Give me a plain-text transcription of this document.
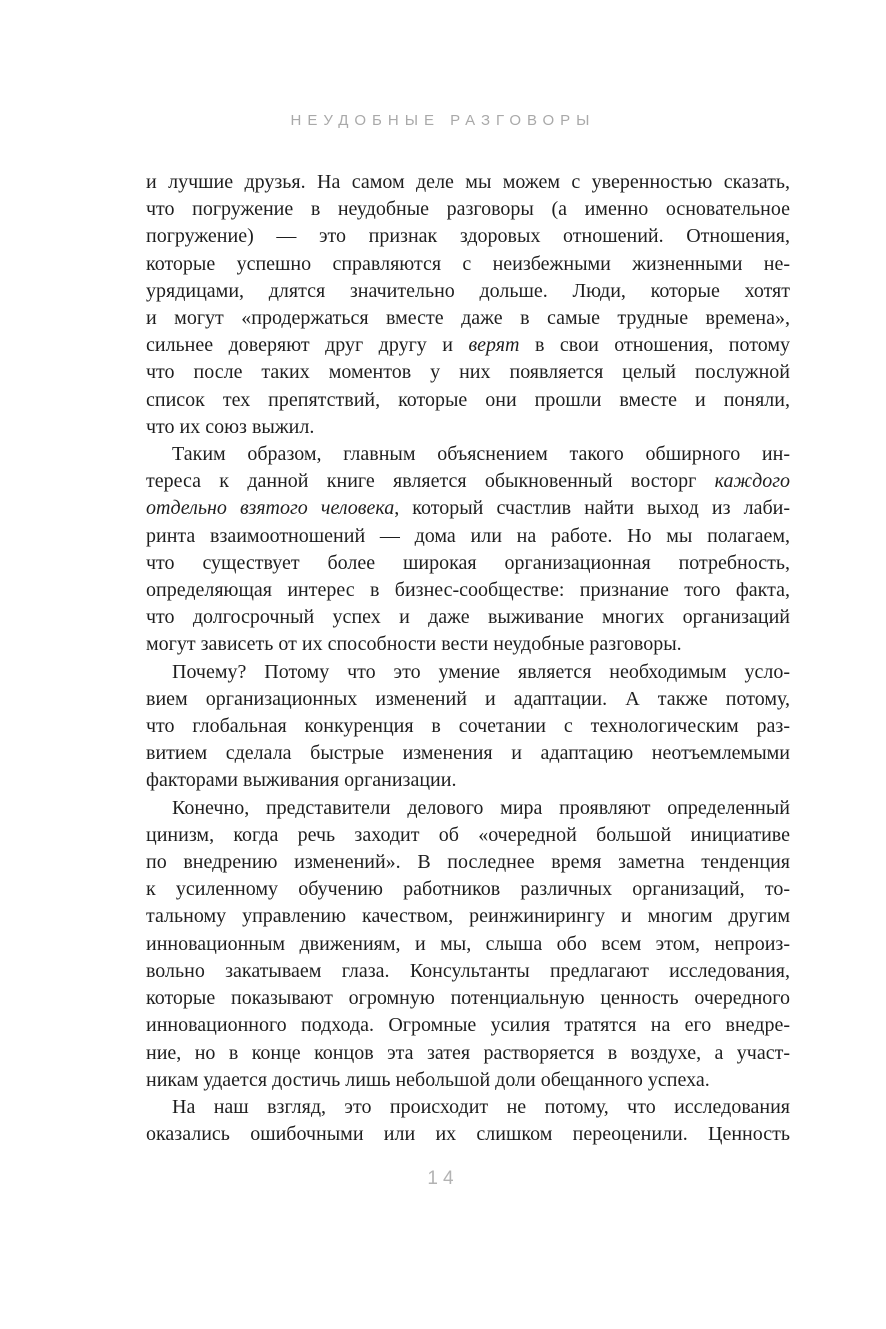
НЕУДОБНЫЕ РАЗГОВОРЫ
и лучшие друзья. На самом деле мы можем с уверенностью сказать,
что погружение в неудобные разговоры (а именно основательное
погружение) — это признак здоровых отношений. Отношения,
которые успешно справляются с неизбежными жизненными не-
урядицами, длятся значительно дольше. Люди, которые хотят
и могут «продержаться вместе даже в самые трудные времена»,
сильнее доверяют друг другу и верят в свои отношения, потому
что после таких моментов у них появляется целый послужной
список тех препятствий, которые они прошли вместе и поняли,
что их союз выжил.
Таким образом, главным объяснением такого обширного ин-
тереса к данной книге является обыкновенный восторг каждого
отдельно взятого человека, который счастлив найти выход из лаби-
ринта взаимоотношений — дома или на работе. Но мы полагаем,
что существует более широкая организационная потребность,
определяющая интерес в бизнес-сообществе: признание того факта,
что долгосрочный успех и даже выживание многих организаций
могут зависеть от их способности вести неудобные разговоры.
Почему? Потому что это умение является необходимым усло-
вием организационных изменений и адаптации. А также потому,
что глобальная конкуренция в сочетании с технологическим раз-
витием сделала быстрые изменения и адаптацию неотъемлемыми
факторами выживания организации.
Конечно, представители делового мира проявляют определенный
цинизм, когда речь заходит об «очередной большой инициативе
по внедрению изменений». В последнее время заметна тенденция
к усиленному обучению работников различных организаций, то-
тальному управлению качеством, реинжинирингу и многим другим
инновационным движениям, и мы, слыша обо всем этом, непроиз-
вольно закатываем глаза. Консультанты предлагают исследования,
которые показывают огромную потенциальную ценность очередного
инновационного подхода. Огромные усилия тратятся на его внедре-
ние, но в конце концов эта затея растворяется в воздухе, а участ-
никам удается достичь лишь небольшой доли обещанного успеха.
На наш взгляд, это происходит не потому, что исследования
оказались ошибочными или их слишком переоценили. Ценность
14
